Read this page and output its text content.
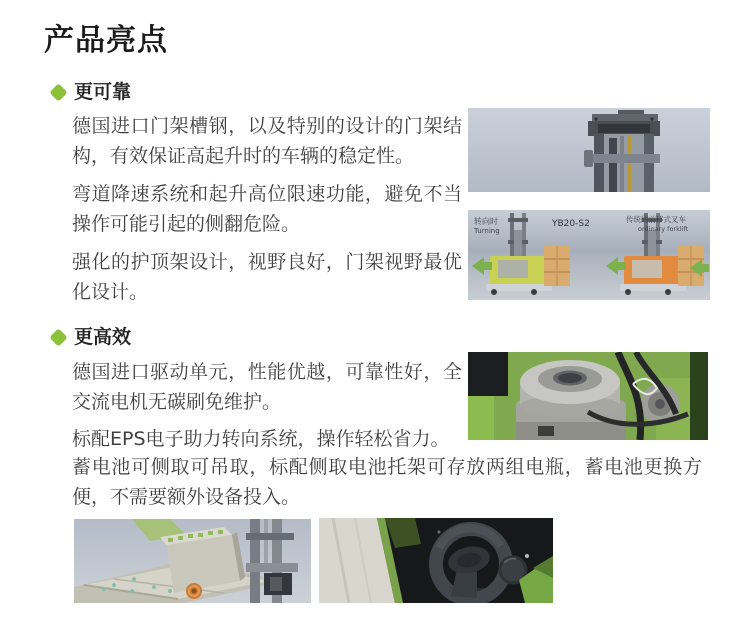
产品亮点
更可靠

德国进口门架槽钢，以及特别的设计的门架结构，有效保证高起升时的车辆的稳定性。

弯道降速系统和起升高位限速功能，避免不当操作可能引起的侧翻危险。

强化的护顶架设计，视野良好，门架视野最优化设计。

更高效

德国进口驱动单元，性能优越，可靠性好，全交流电机无碳刷免维护。

标配EPS电子助力转向系统，操作轻松省力。

蓄电池可侧取可吊取，标配侧取电池托架可存放两组电瓶，蓄电池更换方便，不需要额外设备投入。

转向时
Turning
YB20-S2	传统的前移式叉车
ordinary forklift
